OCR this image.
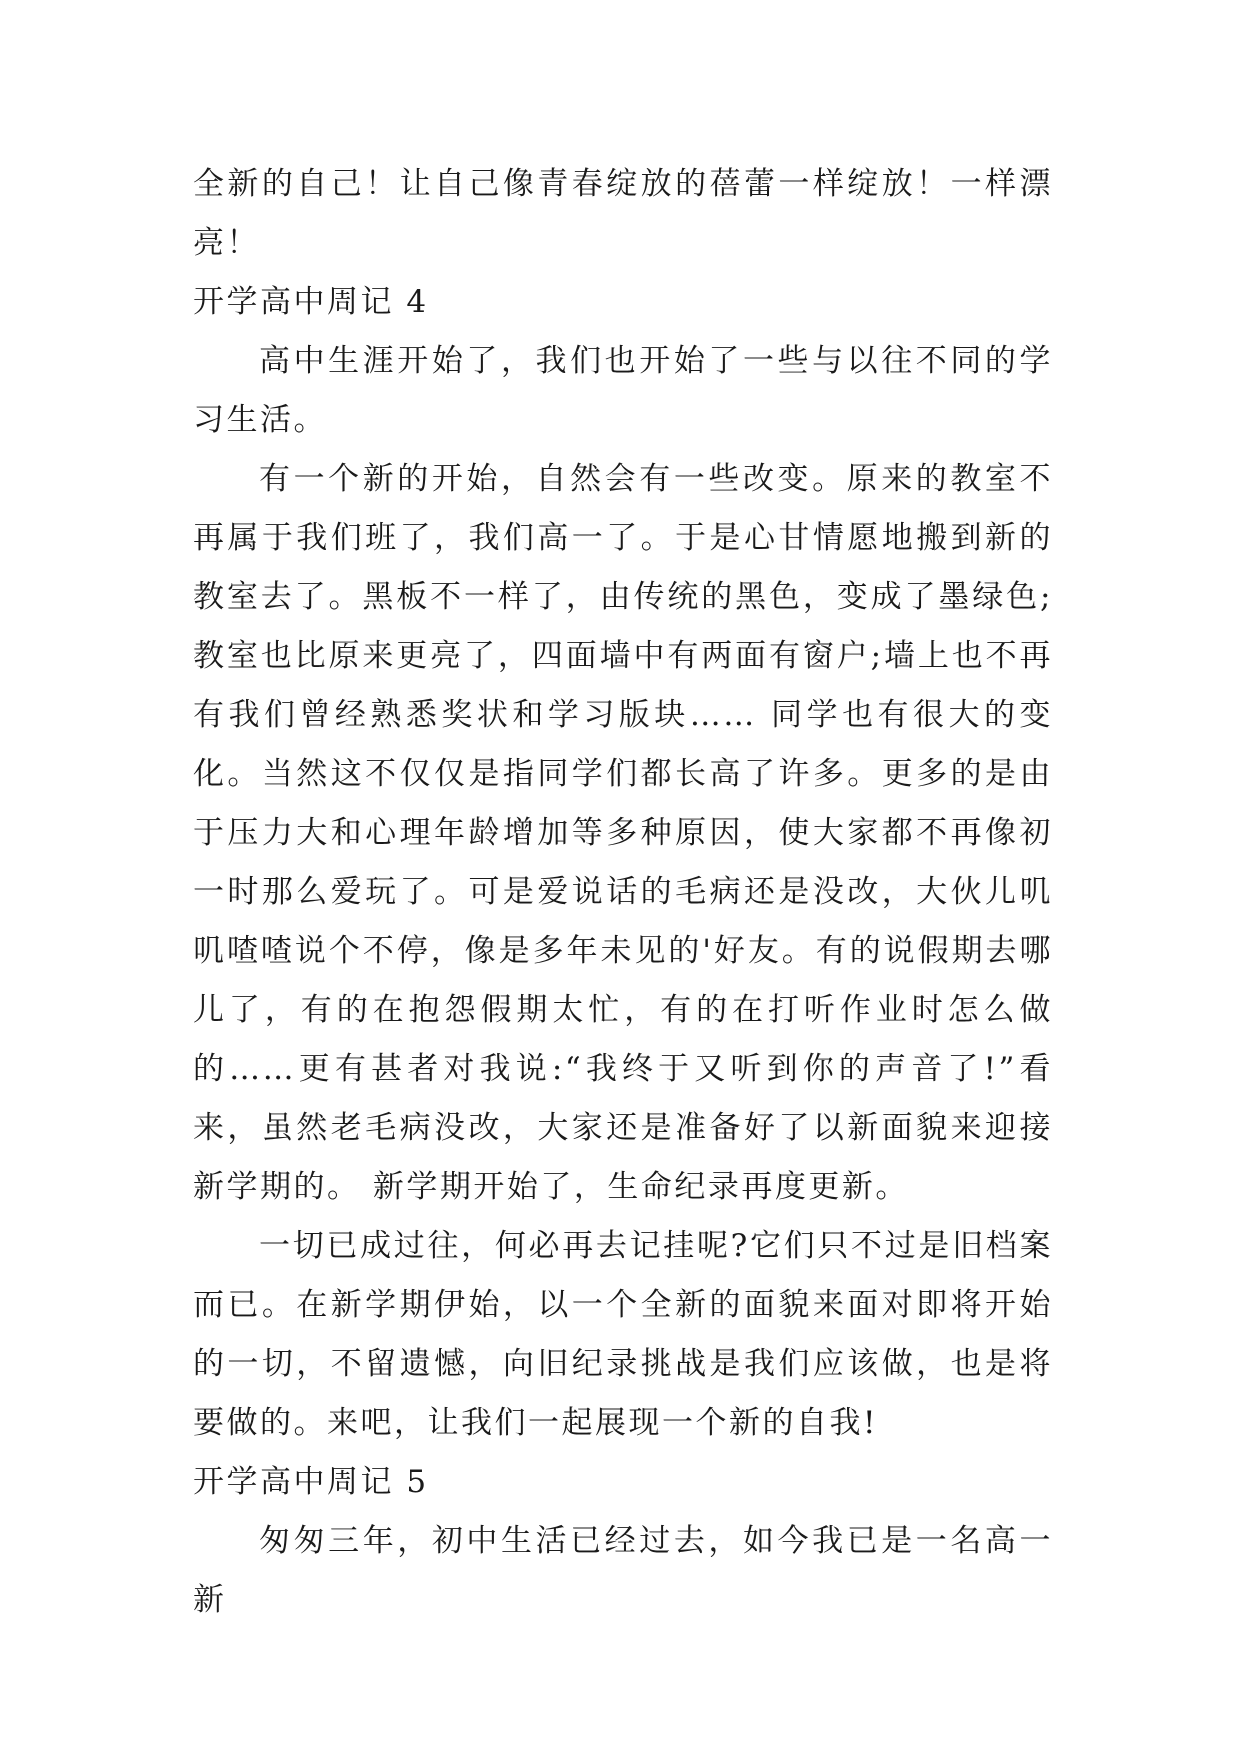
全新的自己！让自己像青春绽放的蓓蕾一样绽放！一样漂亮！

开学高中周记 4

高中生涯开始了，我们也开始了一些与以往不同的学习生活。

有一个新的开始，自然会有一些改变。原来的教室不再属于我们班了，我们高一了。于是心甘情愿地搬到新的教室去了。黑板不一样了，由传统的黑色，变成了墨绿色;教室也比原来更亮了，四面墙中有两面有窗户;墙上也不再有我们曾经熟悉奖状和学习版块…… 同学也有很大的变化。当然这不仅仅是指同学们都长高了许多。更多的是由于压力大和心理年龄增加等多种原因，使大家都不再像初一时那么爱玩了。可是爱说话的毛病还是没改，大伙儿叽叽喳喳说个不停，像是多年未见的'好友。有的说假期去哪儿了，有的在抱怨假期太忙，有的在打听作业时怎么做的……更有甚者对我说:“我终于又听到你的声音了!”看来，虽然老毛病没改，大家还是准备好了以新面貌来迎接新学期的。 新学期开始了，生命纪录再度更新。

一切已成过往，何必再去记挂呢?它们只不过是旧档案而已。在新学期伊始，以一个全新的面貌来面对即将开始的一切，不留遗憾，向旧纪录挑战是我们应该做，也是将要做的。来吧，让我们一起展现一个新的自我!

开学高中周记 5

匆匆三年，初中生活已经过去，如今我已是一名高一新
